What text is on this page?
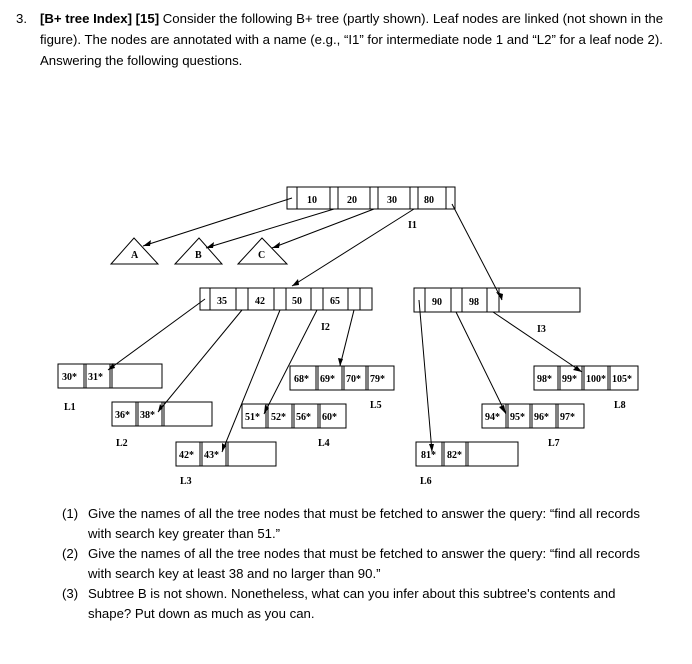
3. [B+ tree Index] [15] Consider the following B+ tree (partly shown). Leaf nodes are linked (not shown in the figure). The nodes are annotated with a name (e.g., “I1” for intermediate node 1 and “L2” for a leaf node 2). Answering the following questions.
10	20	30	80
I1
A	B	C
35	42	50	65
I2
90	98
I3
30* 31*
L1
36* 38*
L2
42* 43*
L3
51* 52* 56* 60*
L4
68* 69* 70* 79*
L5
81* 82*
L6
94* 95* 96* 97*
L7
98* 99* 100* 105*
L8
(1) Give the names of all the tree nodes that must be fetched to answer the query: “find all records with search key greater than 51.”
(2) Give the names of all the tree nodes that must be fetched to answer the query: “find all records with search key at least 38 and no larger than 90.”
(3) Subtree B is not shown. Nonetheless, what can you infer about this subtree's contents and shape? Put down as much as you can.
